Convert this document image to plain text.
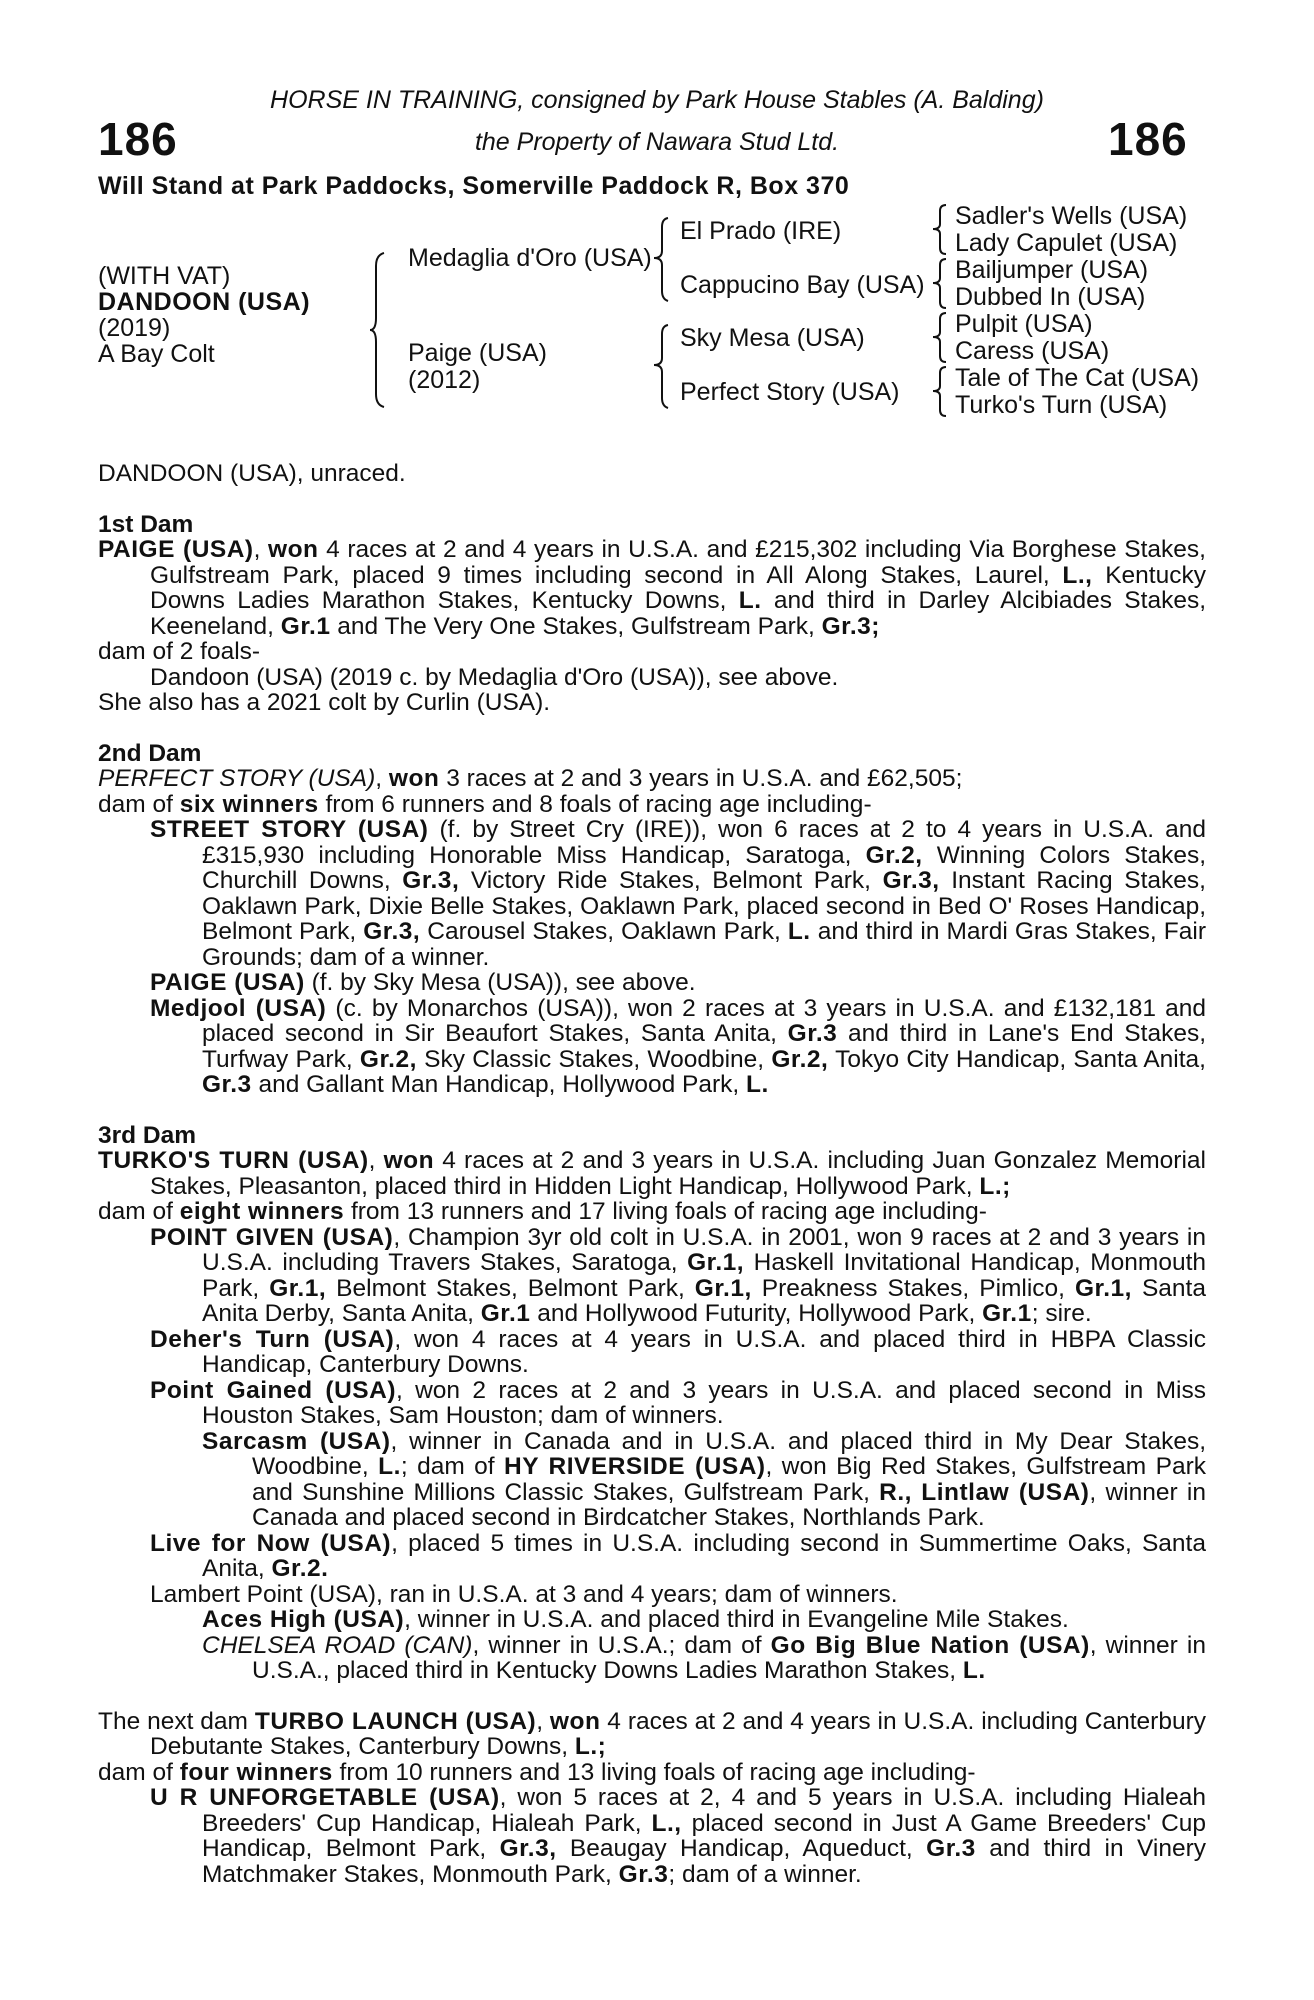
186	186
HORSE IN TRAINING, consigned by Park House Stables (A. Balding)
the Property of Nawara Stud Ltd.
Will Stand at Park Paddocks, Somerville Paddock R, Box 370
(WITH VAT)
DANDOON (USA)
(2019)
A Bay Colt
Medaglia d'Oro (USA)
Paige (USA)
(2012)
El Prado (IRE)
Cappucino Bay (USA)
Sky Mesa (USA)
Perfect Story (USA)
Sadler's Wells (USA)
Lady Capulet (USA)
Bailjumper (USA)
Dubbed In (USA)
Pulpit (USA)
Caress (USA)
Tale of The Cat (USA)
Turko's Turn (USA)

DANDOON (USA), unraced.

1st Dam

PAIGE (USA), won 4 races at 2 and 4 years in U.S.A. and £215,302 including Via Borghese Stakes, Gulfstream Park, placed 9 times including second in All Along Stakes, Laurel, L., Kentucky Downs Ladies Marathon Stakes, Kentucky Downs, L. and third in Darley Alcibiades Stakes, Keeneland, Gr.1 and The Very One Stakes, Gulfstream Park, Gr.3;

dam of 2 foals-

Dandoon (USA) (2019 c. by Medaglia d'Oro (USA)), see above.

She also has a 2021 colt by Curlin (USA).

2nd Dam

PERFECT STORY (USA), won 3 races at 2 and 3 years in U.S.A. and £62,505;

dam of six winners from 6 runners and 8 foals of racing age including-

STREET STORY (USA) (f. by Street Cry (IRE)), won 6 races at 2 to 4 years in U.S.A. and £315,930 including Honorable Miss Handicap, Saratoga, Gr.2, Winning Colors Stakes, Churchill Downs, Gr.3, Victory Ride Stakes, Belmont Park, Gr.3, Instant Racing Stakes, Oaklawn Park, Dixie Belle Stakes, Oaklawn Park, placed second in Bed O' Roses Handicap, Belmont Park, Gr.3, Carousel Stakes, Oaklawn Park, L. and third in Mardi Gras Stakes, Fair Grounds; dam of a winner.

PAIGE (USA) (f. by Sky Mesa (USA)), see above.

Medjool (USA) (c. by Monarchos (USA)), won 2 races at 3 years in U.S.A. and £132,181 and placed second in Sir Beaufort Stakes, Santa Anita, Gr.3 and third in Lane's End Stakes, Turfway Park, Gr.2, Sky Classic Stakes, Woodbine, Gr.2, Tokyo City Handicap, Santa Anita, Gr.3 and Gallant Man Handicap, Hollywood Park, L.

3rd Dam

TURKO'S TURN (USA), won 4 races at 2 and 3 years in U.S.A. including Juan Gonzalez Memorial Stakes, Pleasanton, placed third in Hidden Light Handicap, Hollywood Park, L.;

dam of eight winners from 13 runners and 17 living foals of racing age including-

POINT GIVEN (USA), Champion 3yr old colt in U.S.A. in 2001, won 9 races at 2 and 3 years in U.S.A. including Travers Stakes, Saratoga, Gr.1, Haskell Invitational Handicap, Monmouth Park, Gr.1, Belmont Stakes, Belmont Park, Gr.1, Preakness Stakes, Pimlico, Gr.1, Santa Anita Derby, Santa Anita, Gr.1 and Hollywood Futurity, Hollywood Park, Gr.1; sire.

Deher's Turn (USA), won 4 races at 4 years in U.S.A. and placed third in HBPA Classic Handicap, Canterbury Downs.

Point Gained (USA), won 2 races at 2 and 3 years in U.S.A. and placed second in Miss Houston Stakes, Sam Houston; dam of winners.

Sarcasm (USA), winner in Canada and in U.S.A. and placed third in My Dear Stakes, Woodbine, L.; dam of HY RIVERSIDE (USA), won Big Red Stakes, Gulfstream Park and Sunshine Millions Classic Stakes, Gulfstream Park, R., Lintlaw (USA), winner in Canada and placed second in Birdcatcher Stakes, Northlands Park.

Live for Now (USA), placed 5 times in U.S.A. including second in Summertime Oaks, Santa Anita, Gr.2.

Lambert Point (USA), ran in U.S.A. at 3 and 4 years; dam of winners.

Aces High (USA), winner in U.S.A. and placed third in Evangeline Mile Stakes.

CHELSEA ROAD (CAN), winner in U.S.A.; dam of Go Big Blue Nation (USA), winner in U.S.A., placed third in Kentucky Downs Ladies Marathon Stakes, L.

The next dam TURBO LAUNCH (USA), won 4 races at 2 and 4 years in U.S.A. including Canterbury Debutante Stakes, Canterbury Downs, L.;

dam of four winners from 10 runners and 13 living foals of racing age including-

U R UNFORGETABLE (USA), won 5 races at 2, 4 and 5 years in U.S.A. including Hialeah Breeders' Cup Handicap, Hialeah Park, L., placed second in Just A Game Breeders' Cup Handicap, Belmont Park, Gr.3, Beaugay Handicap, Aqueduct, Gr.3 and third in Vinery Matchmaker Stakes, Monmouth Park, Gr.3; dam of a winner.
